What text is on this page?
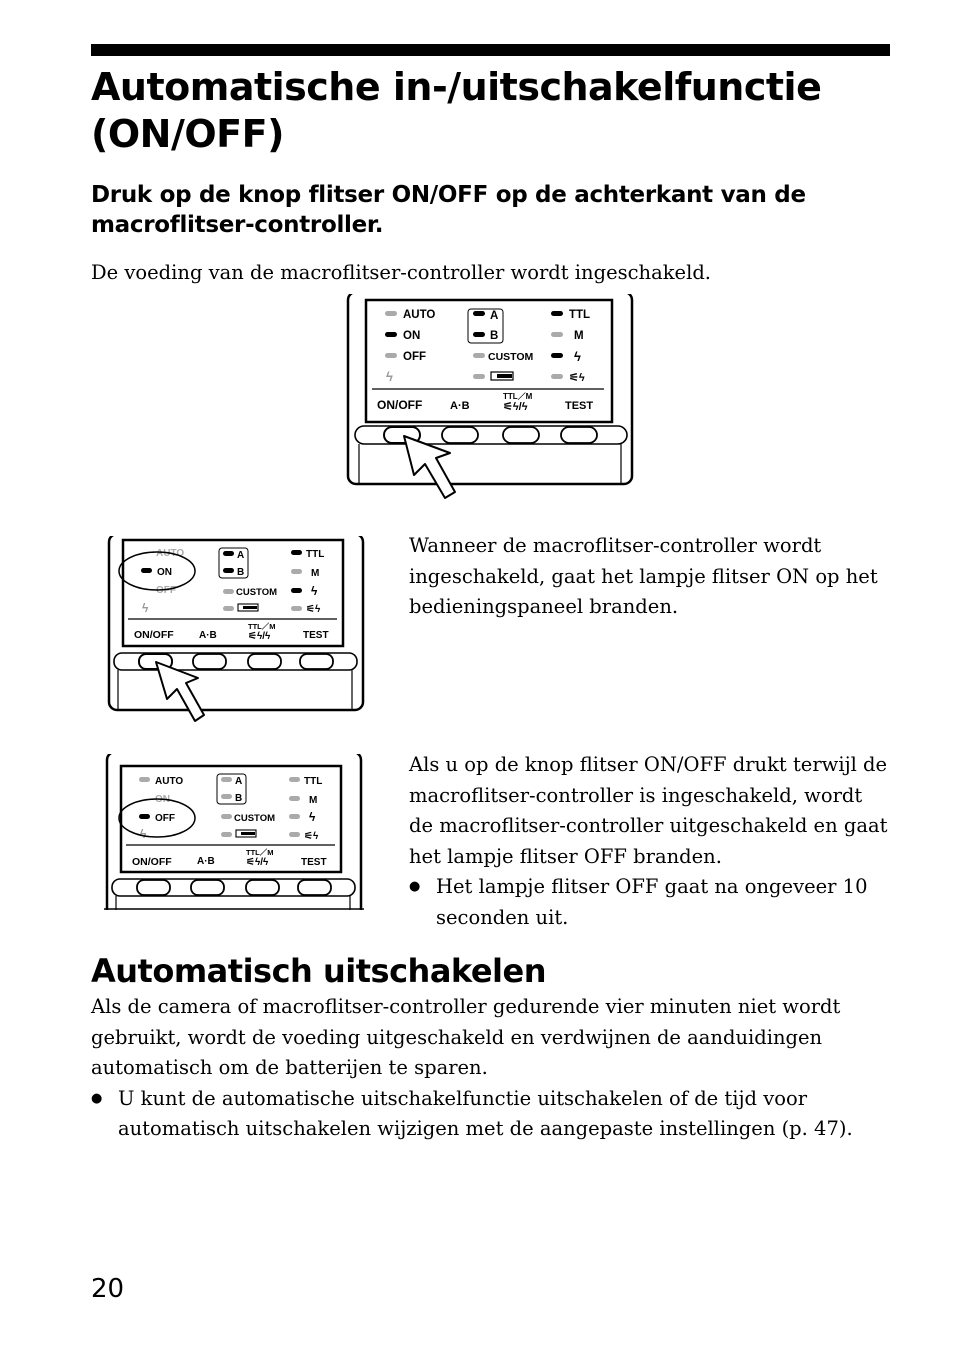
Automatische in-/uitschakelfunctie (ON/OFF)
Druk op de knop flitser ON/OFF op de achterkant van de macroflitser-controller.

De voeding van de macroflitser-controller wordt ingeschakeld.

AUTO
ON
OFF
ϟ
A
B
CUSTOM
TTL
M
ϟ
⚟ϟ
ON/OFF	A·B
TTL／M
⚟ϟ/ϟ	TEST
AUTO
ON
OFF
ϟ
A
B
CUSTOM
TTL
M
ϟ
⚟ϟ
ON/OFF	A·B
TTL／M
⚟ϟ/ϟ	TEST

Wanneer de macroflitser-controller wordt ingeschakeld, gaat het lampje flitser ON op het bedieningspaneel branden.

AUTO
ON
OFF
ϟ
A
B
CUSTOM
TTL
M
ϟ
⚟ϟ
ON/OFF	A·B
TTL／M
⚟ϟ/ϟ	TEST
Als u op de knop flitser ON/OFF drukt terwijl de macroflitser-controller is ingeschakeld, wordt de macroflitser-controller uitgeschakeld en gaat het lampje flitser OFF branden.
● Het lampje flitser OFF gaat na ongeveer 10 seconden uit.
Automatisch uitschakelen
Als de camera of macroflitser-controller gedurende vier minuten niet wordt gebruikt, wordt de voeding uitgeschakeld en verdwijnen de aanduidingen automatisch om de batterijen te sparen.
● U kunt de automatische uitschakelfunctie uitschakelen of de tijd voor automatisch uitschakelen wijzigen met de aangepaste instellingen (p. 47).
20
